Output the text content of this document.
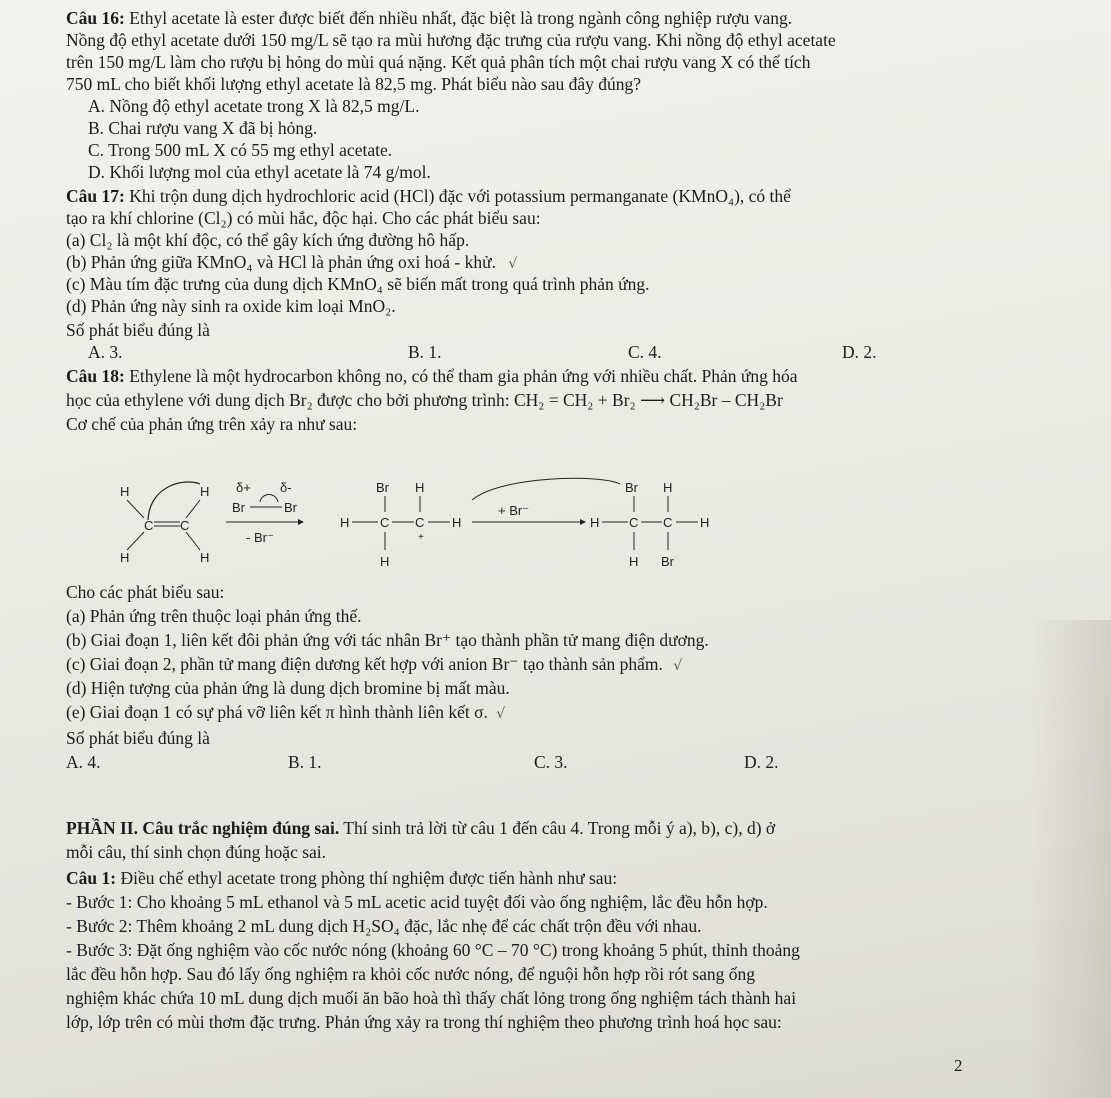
Câu 16: Ethyl acetate là ester được biết đến nhiều nhất, đặc biệt là trong ngành công nghiệp rượu vang.
Nồng độ ethyl acetate dưới 150 mg/L sẽ tạo ra mùi hương đặc trưng của rượu vang. Khi nồng độ ethyl acetate
trên 150 mg/L làm cho rượu bị hỏng do mùi quá nặng. Kết quả phân tích một chai rượu vang X có thể tích
750 mL cho biết khối lượng ethyl acetate là 82,5 mg. Phát biểu nào sau đây đúng?
A. Nồng độ ethyl acetate trong X là 82,5 mg/L.
B. Chai rượu vang X đã bị hỏng.
C. Trong 500 mL X có 55 mg ethyl acetate.
D. Khối lượng mol của ethyl acetate là 74 g/mol.
Câu 17: Khi trộn dung dịch hydrochloric acid (HCl) đặc với potassium permanganate (KMnO₄), có thể
tạo ra khí chlorine (Cl₂) có mùi hắc, độc hại. Cho các phát biểu sau:
(a) Cl₂ là một khí độc, có thể gây kích ứng đường hô hấp.
(b) Phản ứng giữa KMnO₄ và HCl là phản ứng oxi hoá - khử. √
(c) Màu tím đặc trưng của dung dịch KMnO₄ sẽ biến mất trong quá trình phản ứng.
(d) Phản ứng này sinh ra oxide kim loại MnO₂.
Số phát biểu đúng là
A. 3.	B. 1.	C. 4.	D. 2.
Câu 18: Ethylene là một hydrocarbon không no, có thể tham gia phản ứng với nhiều chất. Phản ứng hóa
học của ethylene với dung dịch Br₂ được cho bởi phương trình: CH₂ = CH₂ + Br₂ ⟶ CH₂Br – CH₂Br
Cơ chế của phản ứng trên xảy ra như sau:
H	H
C C
H	H
δ+ δ-
Br	Br
- Br⁻
Br H
H C C H
+
H
+ Br⁻
Br H
H C C H
H Br
Cho các phát biểu sau:
(a) Phản ứng trên thuộc loại phản ứng thế.
(b) Giai đoạn 1, liên kết đôi phản ứng với tác nhân Br⁺ tạo thành phần tử mang điện dương.
(c) Giai đoạn 2, phần tử mang điện dương kết hợp với anion Br⁻ tạo thành sản phẩm. √
(d) Hiện tượng của phản ứng là dung dịch bromine bị mất màu.
(e) Giai đoạn 1 có sự phá vỡ liên kết π hình thành liên kết σ. √
Số phát biểu đúng là
A. 4.	B. 1.	C. 3.	D. 2.
PHẦN II. Câu trắc nghiệm đúng sai. Thí sinh trả lời từ câu 1 đến câu 4. Trong mỗi ý a), b), c), d) ở
mỗi câu, thí sinh chọn đúng hoặc sai.
Câu 1: Điều chế ethyl acetate trong phòng thí nghiệm được tiến hành như sau:
- Bước 1: Cho khoảng 5 mL ethanol và 5 mL acetic acid tuyệt đối vào ống nghiệm, lắc đều hỗn hợp.
- Bước 2: Thêm khoảng 2 mL dung dịch H₂SO₄ đặc, lắc nhẹ để các chất trộn đều với nhau.
- Bước 3: Đặt ống nghiệm vào cốc nước nóng (khoảng 60 °C – 70 °C) trong khoảng 5 phút, thỉnh thoảng
lắc đều hỗn hợp. Sau đó lấy ống nghiệm ra khỏi cốc nước nóng, để nguội hỗn hợp rồi rót sang ống
nghiệm khác chứa 10 mL dung dịch muối ăn bão hoà thì thấy chất lỏng trong ống nghiệm tách thành hai
lớp, lớp trên có mùi thơm đặc trưng. Phản ứng xảy ra trong thí nghiệm theo phương trình hoá học sau:
2
